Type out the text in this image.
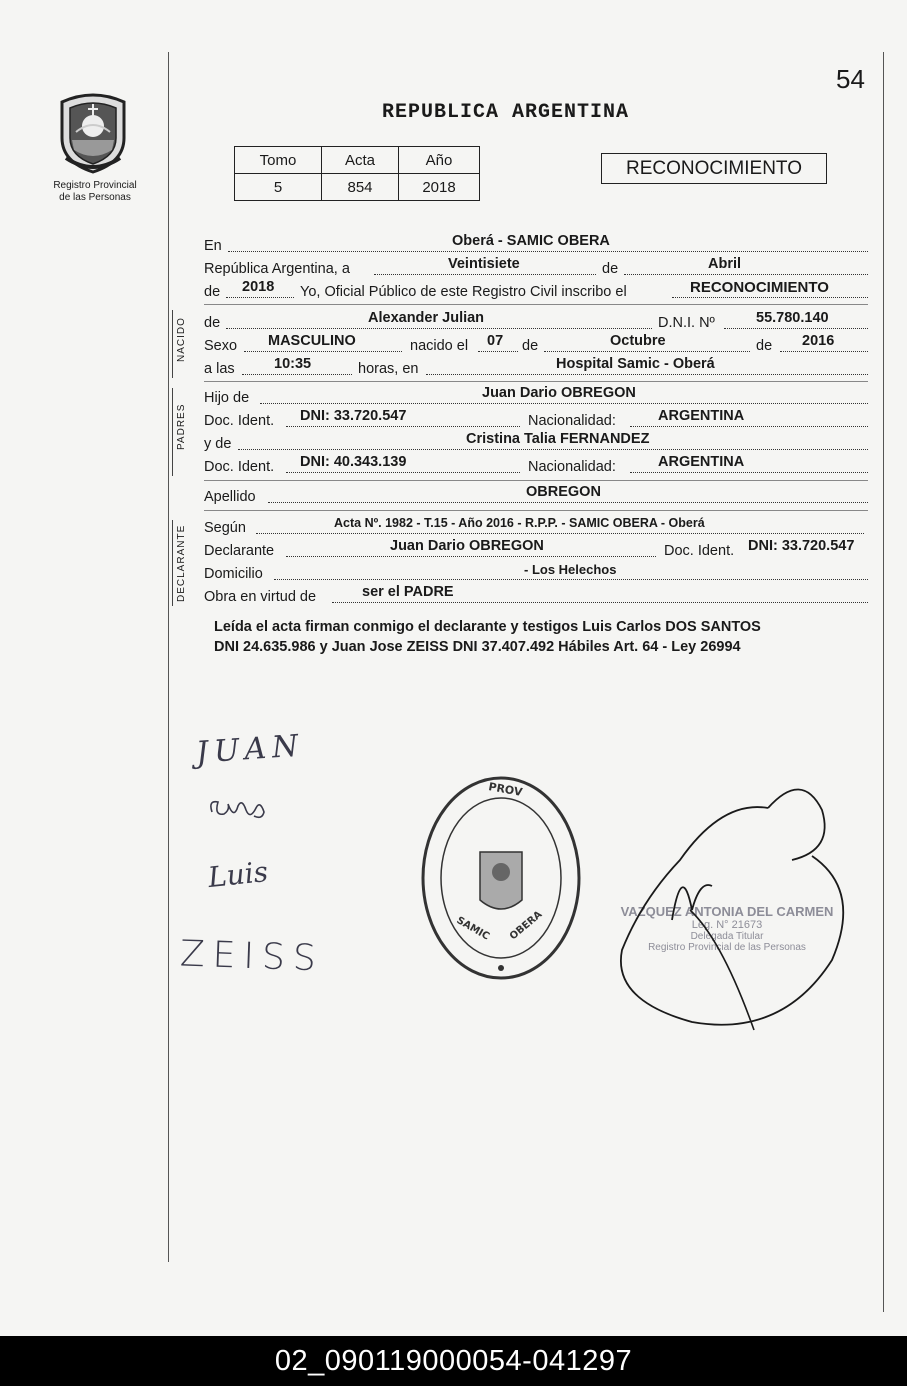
54
REPUBLICA ARGENTINA
Registro Provincial
de las Personas
Tomo	Acta	Año
5	854	2018
RECONOCIMIENTO
En	Oberá - SAMIC OBERA
República Argentina, a	Veintisiete	de	Abril
de 2018 Yo, Oficial Público de este Registro Civil inscribo el	RECONOCIMIENTO
NACIDO de	Alexander Julian	D.N.I. Nº	55.780.140
Sexo MASCULINO	nacido el 07 de	Octubre	de 2016
a las	10:35	horas, en	Hospital Samic - Oberá
PADRES
Hijo de	Juan Dario OBREGON
Doc. Ident. DNI: 33.720.547	Nacionalidad:	ARGENTINA
y de	Cristina Talia FERNANDEZ
Doc. Ident. DNI: 40.343.139	Nacionalidad:	ARGENTINA
Apellido	OBREGON
DECLARANTE Según	Acta Nº. 1982 - T.15 - Año 2016 - R.P.P. - SAMIC OBERA - Oberá
Declarante	Juan Dario OBREGON	Doc. Ident. DNI: 33.720.547
Domicilio	- Los Helechos
Obra en virtud de	ser el PADRE
Leída el acta firman conmigo el declarante y testigos Luis Carlos DOS SANTOS
DNI 24.635.986 y Juan Jose ZEISS DNI 37.407.492 Hábiles Art. 64 - Ley 26994
JUAN
Luis
ZEISS
PROV
SAMIC OBERA	VAZQUEZ ANTONIA DEL CARMEN
Leg. N° 21673
Delegada Titular
Registro Provincial de las Personas
02_090119000054-041297
